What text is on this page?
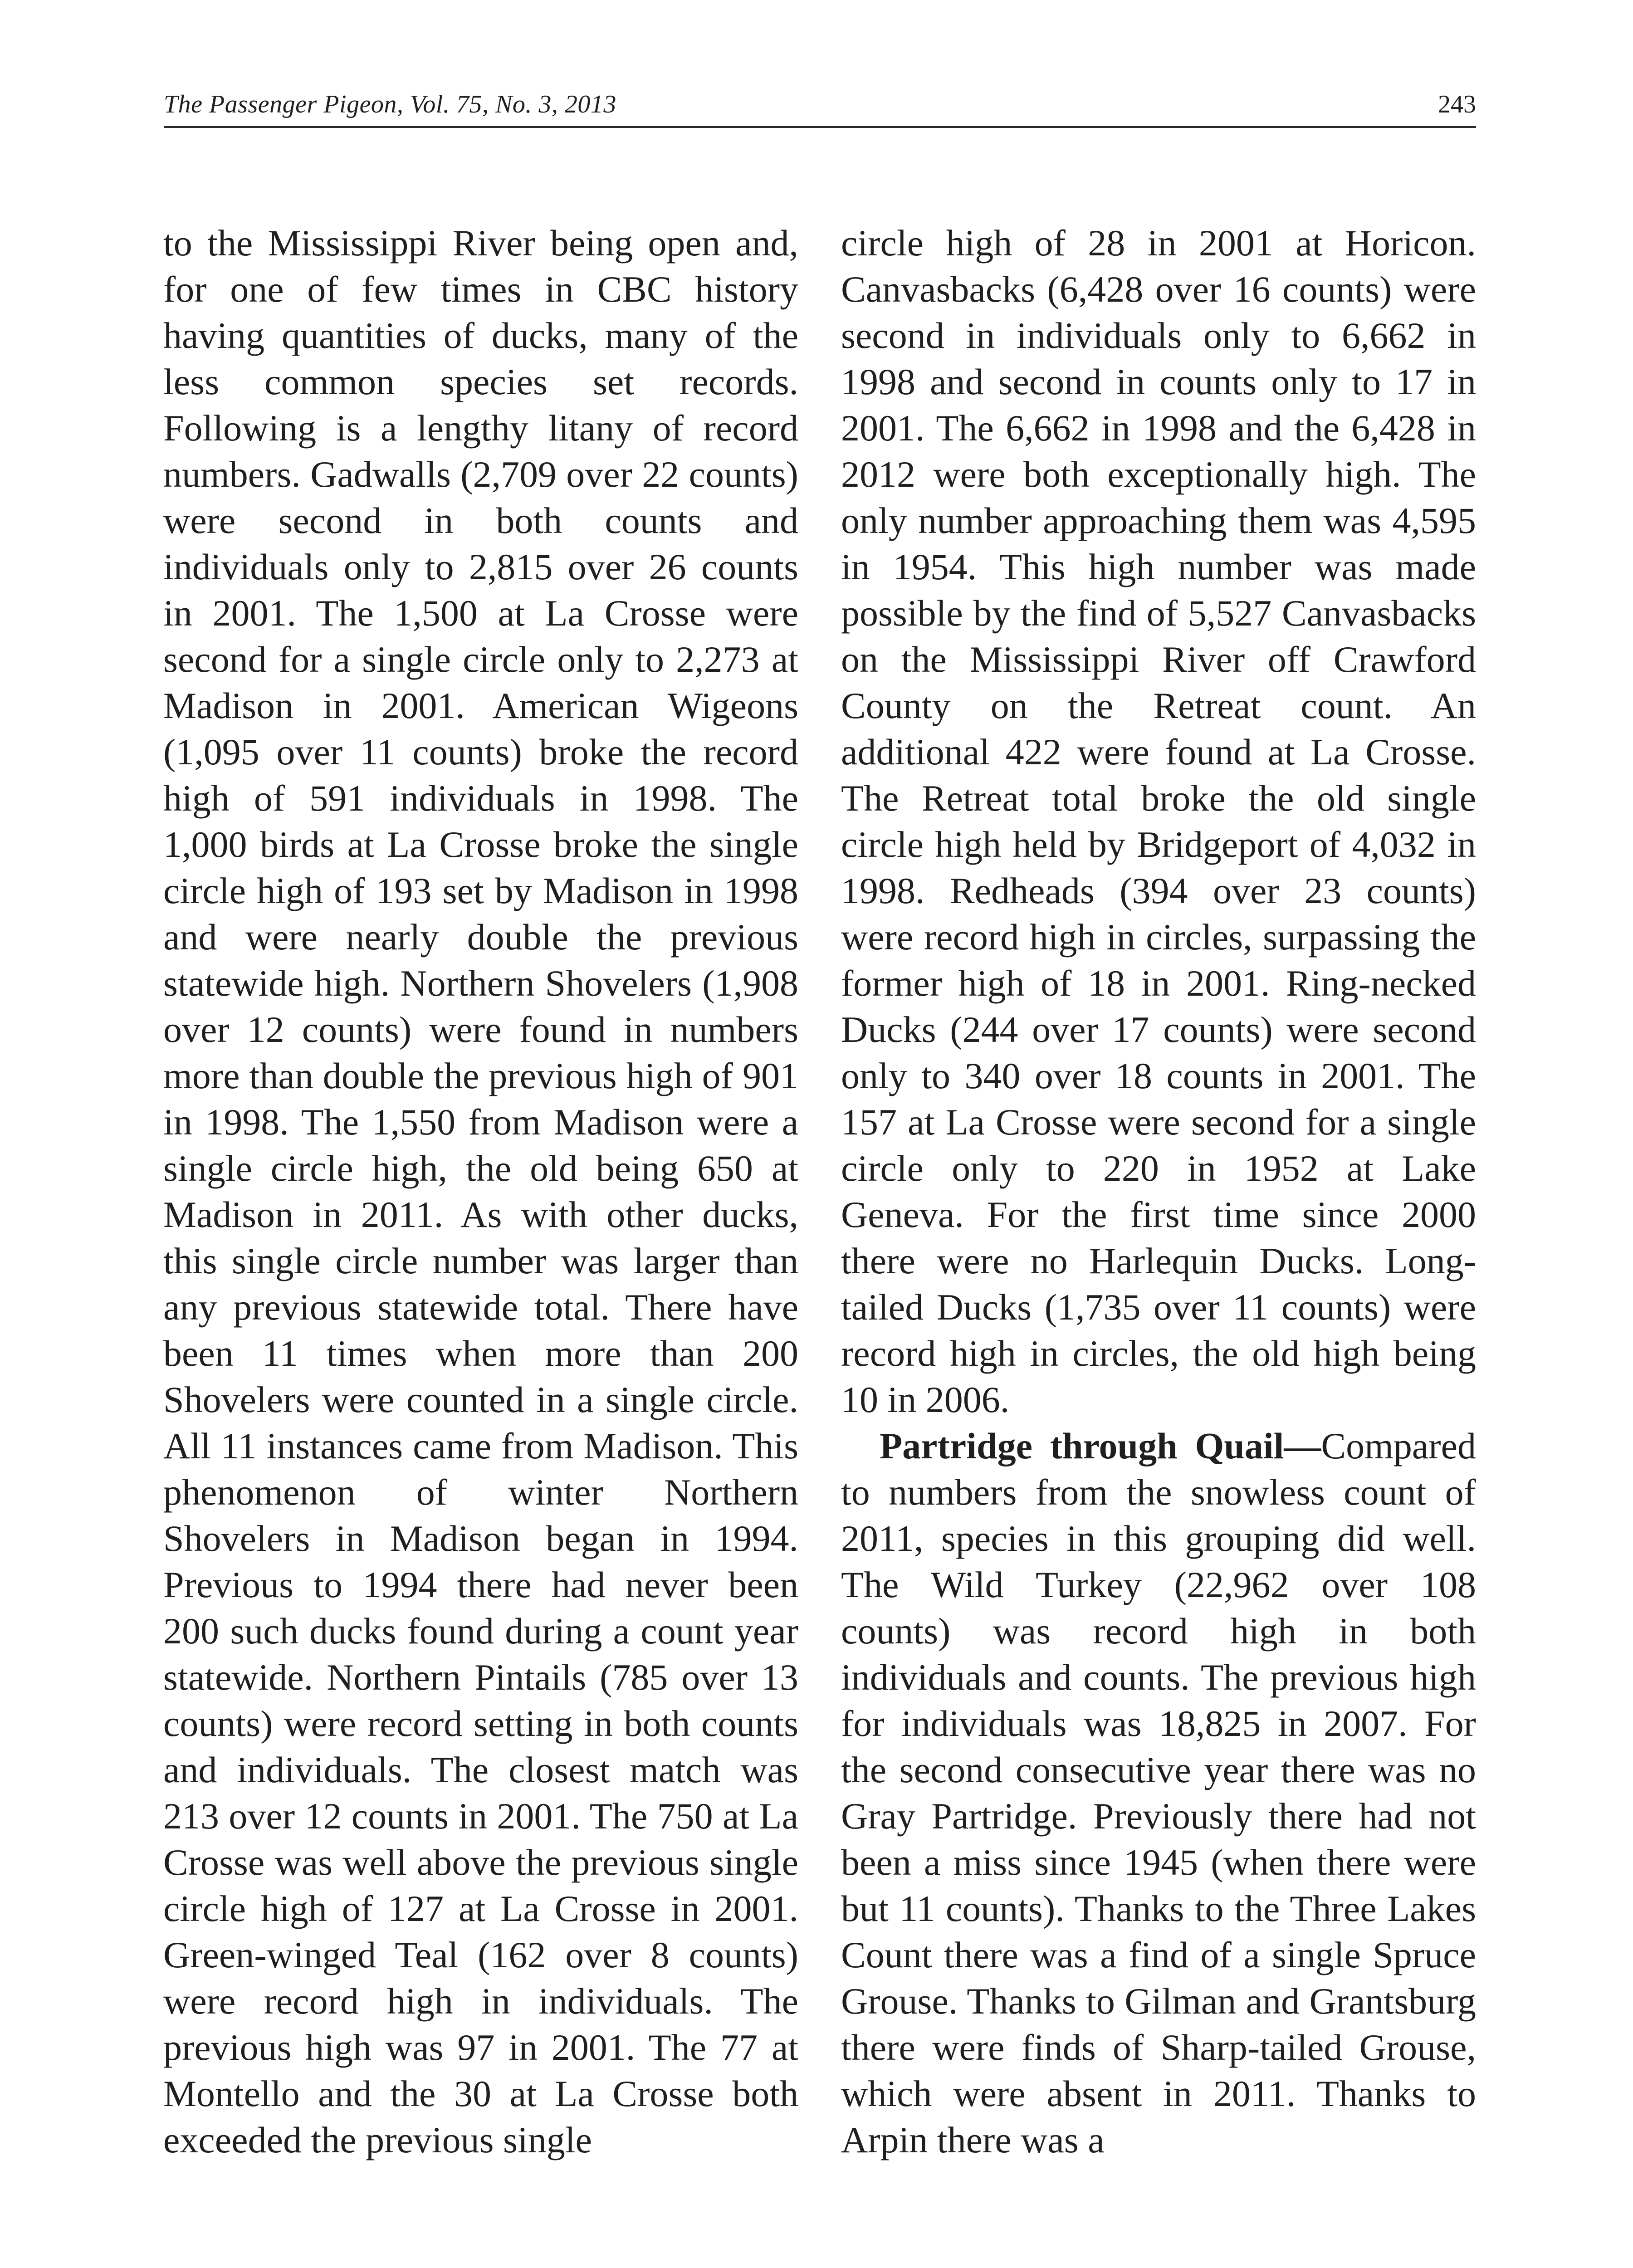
The Passenger Pigeon, Vol. 75, No. 3, 2013	243

to the Mississippi River being open and, for one of few times in CBC history having quantities of ducks, many of the less common species set records. Following is a lengthy litany of record numbers. Gadwalls (2,709 over 22 counts) were second in both counts and individuals only to 2,815 over 26 counts in 2001. The 1,500 at La Crosse were second for a single circle only to 2,273 at Madison in 2001. American Wigeons (1,095 over 11 counts) broke the record high of 591 individuals in 1998. The 1,000 birds at La Crosse broke the single circle high of 193 set by Madison in 1998 and were nearly double the previous statewide high. Northern Shovelers (1,908 over 12 counts) were found in numbers more than double the previous high of 901 in 1998. The 1,550 from Madison were a single circle high, the old being 650 at Madison in 2011. As with other ducks, this single circle number was larger than any previous statewide total. There have been 11 times when more than 200 Shovelers were counted in a single circle. All 11 instances came from Madison. This phenomenon of winter Northern Shovelers in Madison began in 1994. Previous to 1994 there had never been 200 such ducks found during a count year statewide. Northern Pintails (785 over 13 counts) were record setting in both counts and individuals. The closest match was 213 over 12 counts in 2001. The 750 at La Crosse was well above the previous single circle high of 127 at La Crosse in 2001. Green-winged Teal (162 over 8 counts) were record high in individuals. The previous high was 97 in 2001. The 77 at Montello and the 30 at La Crosse both exceeded the previous single

circle high of 28 in 2001 at Horicon. Canvasbacks (6,428 over 16 counts) were second in individuals only to 6,662 in 1998 and second in counts only to 17 in 2001. The 6,662 in 1998 and the 6,428 in 2012 were both exceptionally high. The only number approaching them was 4,595 in 1954. This high number was made possible by the find of 5,527 Canvasbacks on the Mississippi River off Crawford County on the Retreat count. An additional 422 were found at La Crosse. The Retreat total broke the old single circle high held by Bridgeport of 4,032 in 1998. Redheads (394 over 23 counts) were record high in circles, surpassing the former high of 18 in 2001. Ring-necked Ducks (244 over 17 counts) were second only to 340 over 18 counts in 2001. The 157 at La Crosse were second for a single circle only to 220 in 1952 at Lake Geneva. For the first time since 2000 there were no Harlequin Ducks. Long-tailed Ducks (1,735 over 11 counts) were record high in circles, the old high being 10 in 2006.

Partridge through Quail—Compared to numbers from the snowless count of 2011, species in this grouping did well. The Wild Turkey (22,962 over 108 counts) was record high in both individuals and counts. The previous high for individuals was 18,825 in 2007. For the second consecutive year there was no Gray Partridge. Previously there had not been a miss since 1945 (when there were but 11 counts). Thanks to the Three Lakes Count there was a find of a single Spruce Grouse. Thanks to Gilman and Grantsburg there were finds of Sharp-tailed Grouse, which were absent in 2011. Thanks to Arpin there was a
